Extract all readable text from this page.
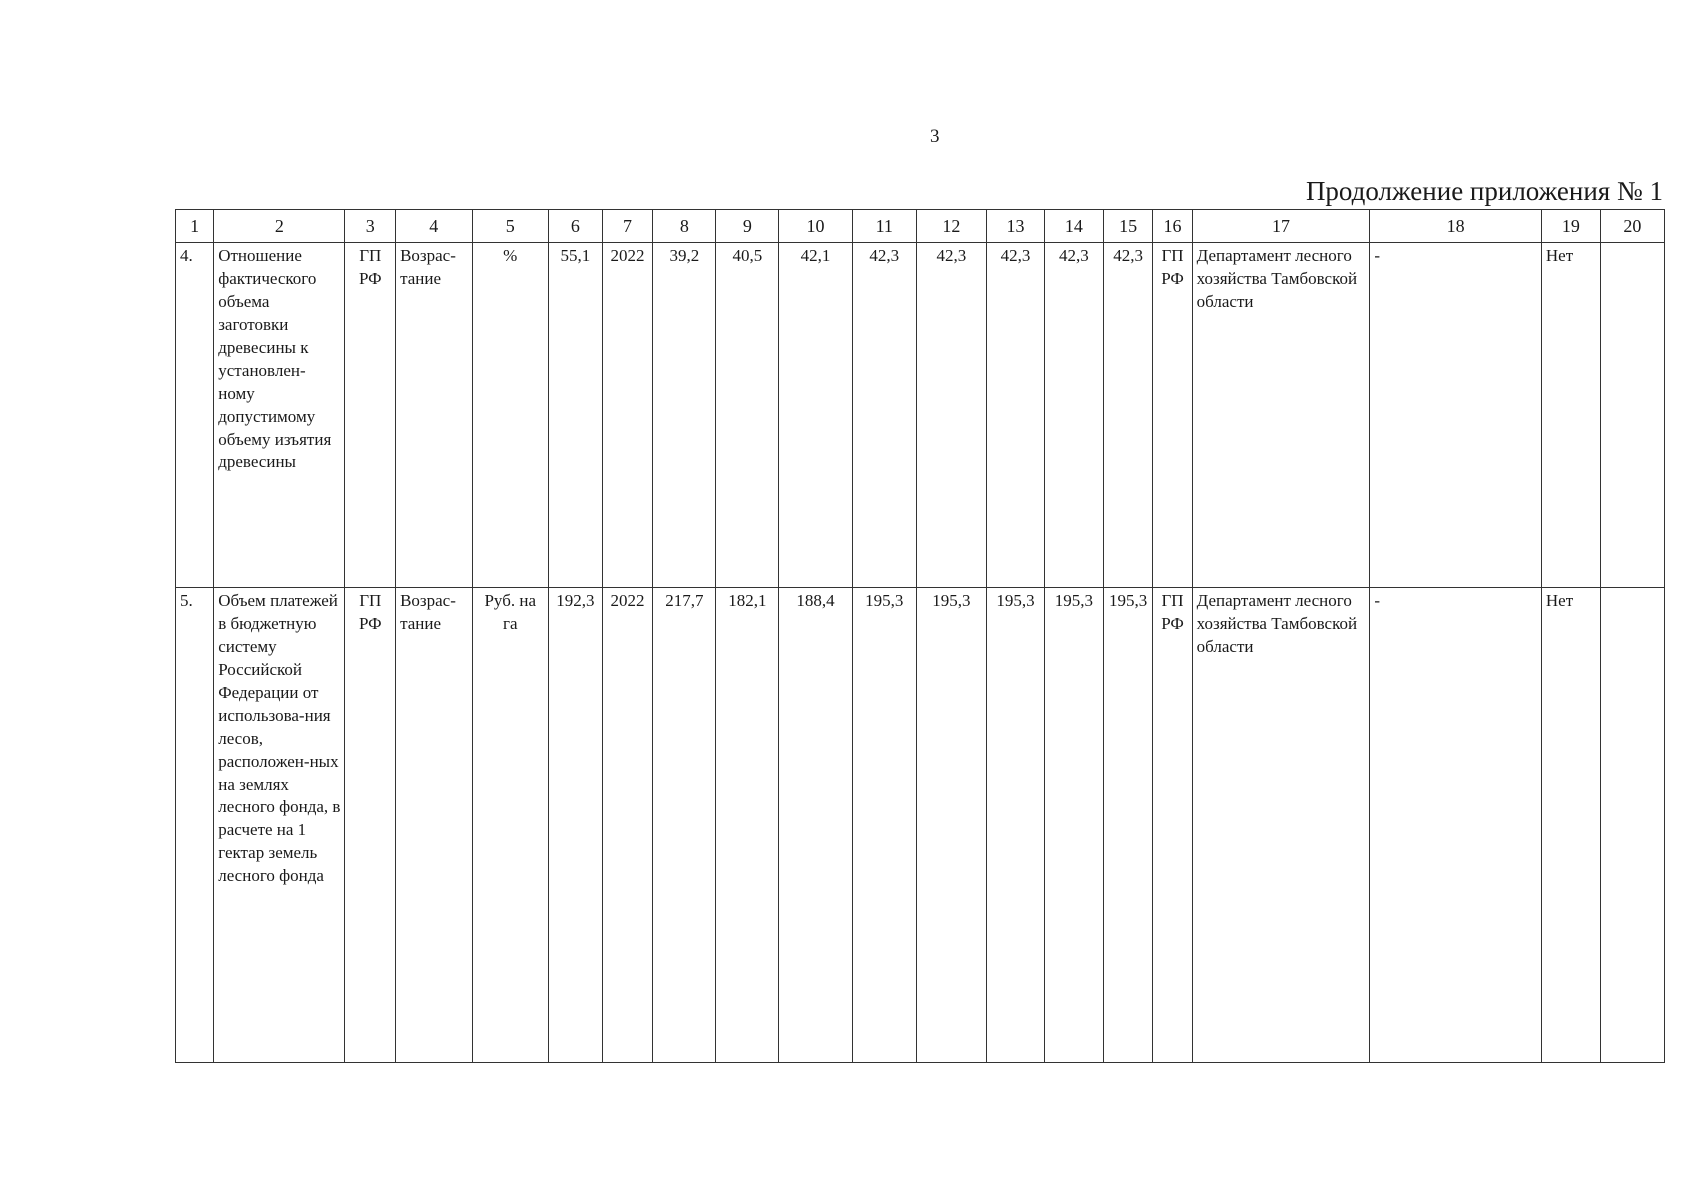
3
Продолжение приложения № 1
1	2	3	4	5	6	7	8	9	10	11	12	13	14	15	16	17	18	19	20
4.	Отношение фактического объема заготовки древесины к установлен-ному допустимому объему изъятия древесины	ГП РФ	Возрас-тание	%	55,1	2022	39,2	40,5	42,1	42,3	42,3	42,3	42,3	42,3	ГП РФ	Департамент лесного хозяйства Тамбовской области	-	Нет	
5.	Объем платежей в бюджетную систему Российской Федерации от использова-ния лесов, расположен-ных на землях лесного фонда, в расчете на 1 гектар земель лесного фонда	ГП РФ	Возрас-тание	Руб. на га	192,3	2022	217,7	182,1	188,4	195,3	195,3	195,3	195,3	195,3	ГП РФ	Департамент лесного хозяйства Тамбовской области	-	Нет	
